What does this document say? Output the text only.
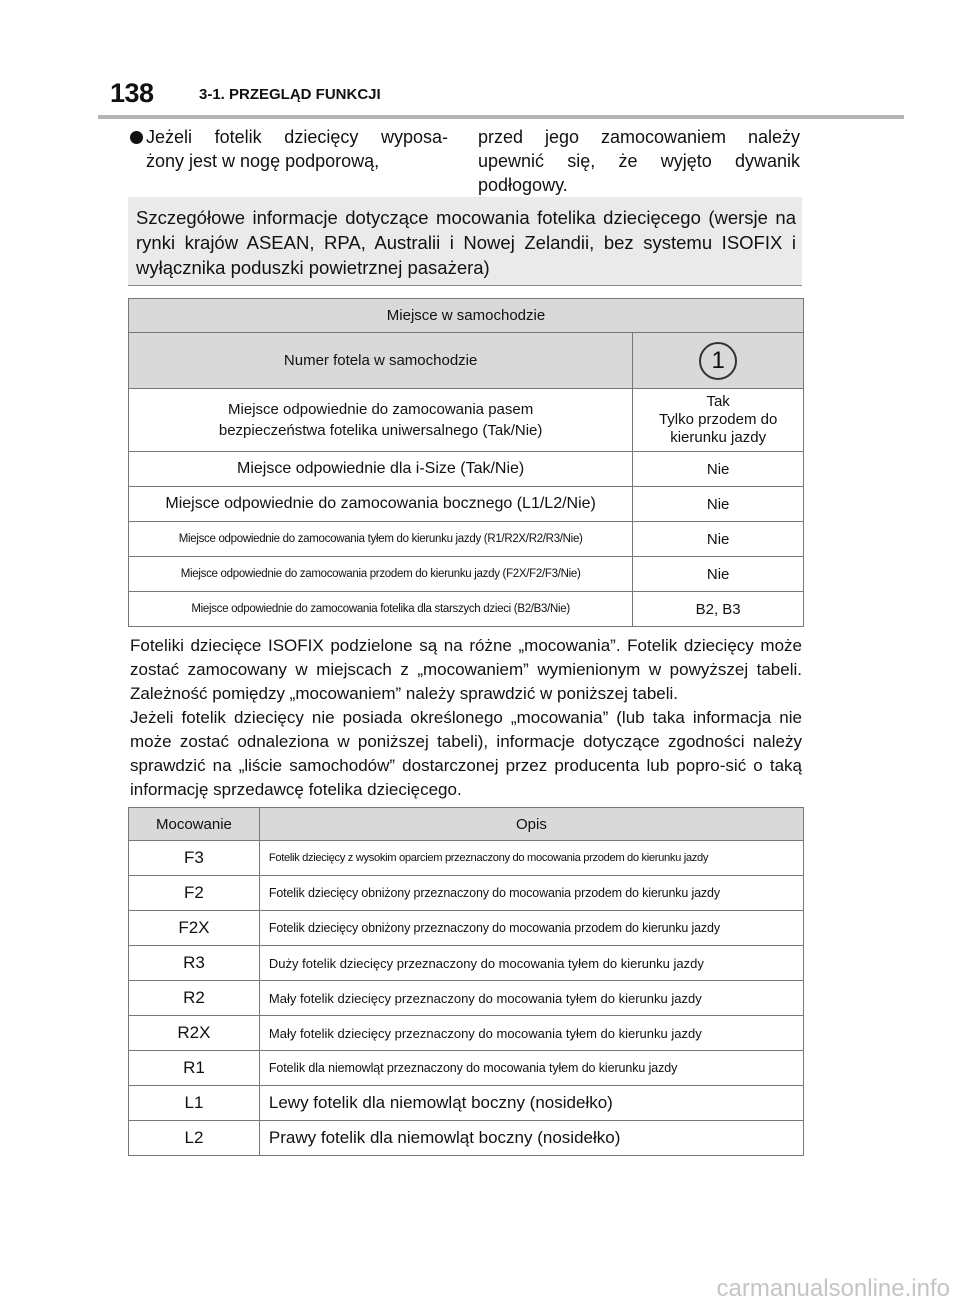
138	3-1. PRZEGLĄD FUNKCJI
Jeżeli fotelik dziecięcy wyposa-
żony jest w nogę podporową,
przed jego zamocowaniem należy upewnić się, że wyjęto dywanik podłogowy.

Szczegółowe informacje dotyczące mocowania fotelika dziecięcego (wersje na rynki krajów ASEAN, RPA, Australii i Nowej Zelandii, bez systemu ISOFIX i wyłącznika poduszki powietrznej pasażera)

Miejsce w samochodzie	
Numer fotela w samochodzie	1
Miejsce odpowiednie do zamocowania pasem bezpieczeństwa fotelika uniwersalnego (Tak/Nie)	Tak
Tylko przodem do
kierunku jazdy

Miejsce odpowiednie dla i-Size (Tak/Nie)	Nie
Miejsce odpowiednie do zamocowania bocznego (L1/L2/Nie)	Nie
Miejsce odpowiednie do zamocowania tyłem do kierunku jazdy (R1/R2X/R2/R3/Nie)	Nie
Miejsce odpowiednie do zamocowania przodem do kierunku jazdy (F2X/F2/F3/Nie)	Nie
Miejsce odpowiednie do zamocowania fotelika dla starszych dzieci (B2/B3/Nie)	B2, B3
Foteliki dziecięce ISOFIX podzielone są na różne „mocowania”. Fotelik dziecięcy może zostać zamocowany w miejscach z „mocowaniem” wymienionym w powyższej tabeli. Zależność pomiędzy „mocowaniem” należy sprawdzić w poniższej tabeli.
Jeżeli fotelik dziecięcy nie posiada określonego „mocowania” (lub taka informacja nie może zostać odnaleziona w poniższej tabeli), informacje dotyczące zgodności należy sprawdzić na „liście samochodów” dostarczonej przez producenta lub popro-sić o taką informację sprzedawcę fotelika dziecięcego.
Mocowanie	Opis
F3	Fotelik dziecięcy z wysokim oparciem przeznaczony do mocowania przodem do kierunku jazdy
F2	Fotelik dziecięcy obniżony przeznaczony do mocowania przodem do kierunku jazdy
F2X	Fotelik dziecięcy obniżony przeznaczony do mocowania przodem do kierunku jazdy
R3	Duży fotelik dziecięcy przeznaczony do mocowania tyłem do kierunku jazdy
R2	Mały fotelik dziecięcy przeznaczony do mocowania tyłem do kierunku jazdy
R2X	Mały fotelik dziecięcy przeznaczony do mocowania tyłem do kierunku jazdy
R1	Fotelik dla niemowląt przeznaczony do mocowania tyłem do kierunku jazdy
L1	Lewy fotelik dla niemowląt boczny (nosidełko)
L2	Prawy fotelik dla niemowląt boczny (nosidełko)
carmanualsonline.info
